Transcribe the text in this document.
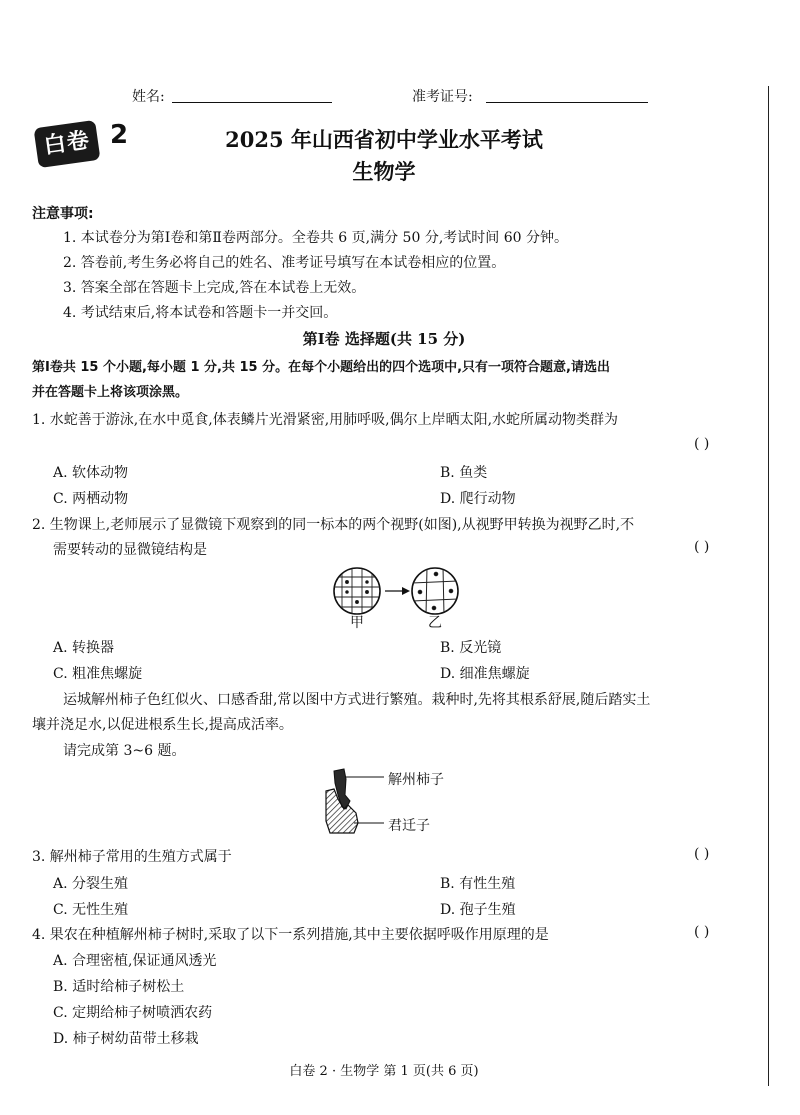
姓名:	准考证号:
白卷 2	2025 年山西省初中学业水平考试
生物学
注意事项:
1. 本试卷分为第Ⅰ卷和第Ⅱ卷两部分。全卷共 6 页,满分 50 分,考试时间 60 分钟。
2. 答卷前,考生务必将自己的姓名、准考证号填写在本试卷相应的位置。
3. 答案全部在答题卡上完成,答在本试卷上无效。
4. 考试结束后,将本试卷和答题卡一并交回。
第Ⅰ卷 选择题(共 15 分)
第Ⅰ卷共 15 个小题,每小题 1 分,共 15 分。在每个小题给出的四个选项中,只有一项符合题意,请选出
并在答题卡上将该项涂黑。
1. 水蛇善于游泳,在水中觅食,体表鳞片光滑紧密,用肺呼吸,偶尔上岸晒太阳,水蛇所属动物类群为
( )
A. 软体动物	B. 鱼类
C. 两栖动物	D. 爬行动物
2. 生物课上,老师展示了显微镜下观察到的同一标本的两个视野(如图),从视野甲转换为视野乙时,不
需要转动的显微镜结构是	( )
甲	乙
A. 转换器	B. 反光镜
C. 粗准焦螺旋	D. 细准焦螺旋
运城解州柿子色红似火、口感香甜,常以图中方式进行繁殖。栽种时,先将其根系舒展,随后踏实土
壤并浇足水,以促进根系生长,提高成活率。
请完成第 3~6 题。
解州柿子
君迁子
3. 解州柿子常用的生殖方式属于	( )
A. 分裂生殖	B. 有性生殖
C. 无性生殖	D. 孢子生殖
4. 果农在种植解州柿子树时,采取了以下一系列措施,其中主要依据呼吸作用原理的是	( )
A. 合理密植,保证通风透光
B. 适时给柿子树松土
C. 定期给柿子树喷洒农药
D. 柿子树幼苗带土移栽
白卷 2 · 生物学 第 1 页(共 6 页)
